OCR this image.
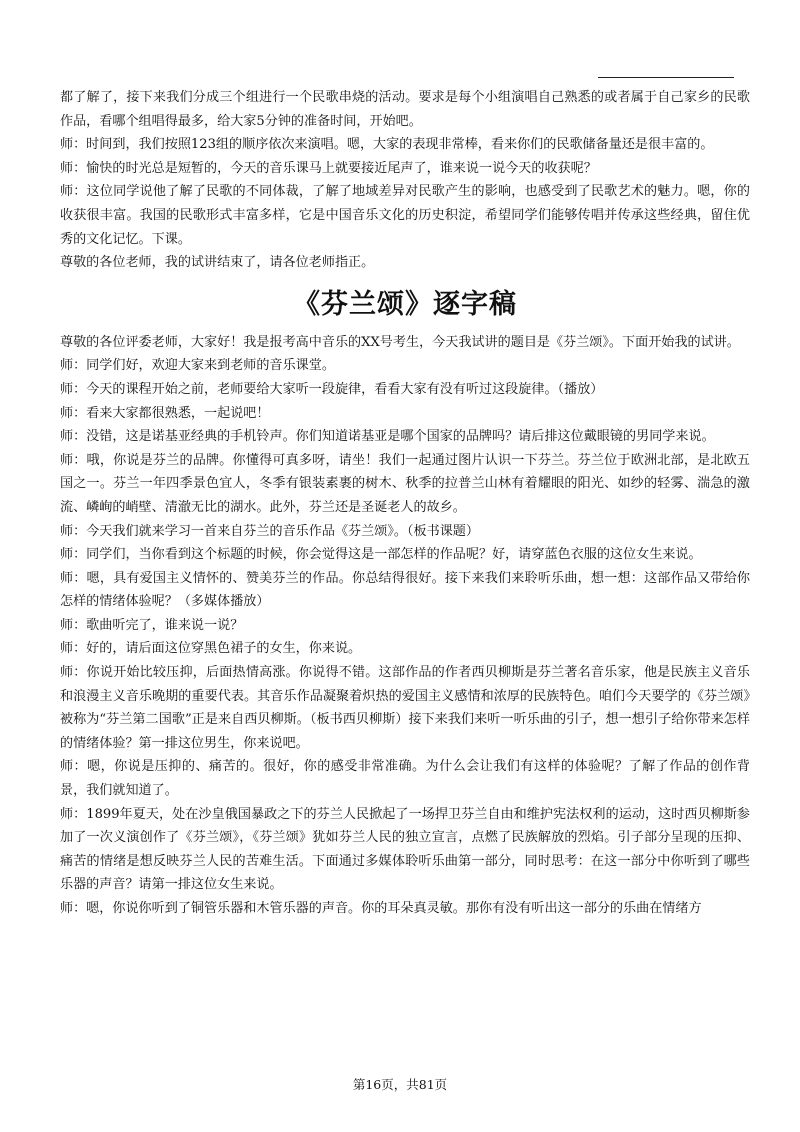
都了解了，接下来我们分成三个组进行一个民歌串烧的活动。要求是每个小组演唱自己熟悉的或者属于自己家乡的民歌作品，看哪个组唱得最多，给大家5分钟的准备时间，开始吧。

师：时间到，我们按照123组的顺序依次来演唱。嗯，大家的表现非常棒，看来你们的民歌储备量还是很丰富的。

师：愉快的时光总是短暂的，今天的音乐课马上就要接近尾声了，谁来说一说今天的收获呢？

师：这位同学说他了解了民歌的不同体裁，了解了地域差异对民歌产生的影响，也感受到了民歌艺术的魅力。嗯，你的收获很丰富。我国的民歌形式丰富多样，它是中国音乐文化的历史积淀，希望同学们能够传唱并传承这些经典，留住优秀的文化记忆。下课。

尊敬的各位老师，我的试讲结束了，请各位老师指正。

《芬兰颂》逐字稿

尊敬的各位评委老师，大家好！我是报考高中音乐的XX号考生，今天我试讲的题目是《芬兰颂》。下面开始我的试讲。

师：同学们好，欢迎大家来到老师的音乐课堂。

师：今天的课程开始之前，老师要给大家听一段旋律，看看大家有没有听过这段旋律。（播放）

师：看来大家都很熟悉，一起说吧！

师：没错，这是诺基亚经典的手机铃声。你们知道诺基亚是哪个国家的品牌吗？请后排这位戴眼镜的男同学来说。

师：哦，你说是芬兰的品牌。你懂得可真多呀，请坐！我们一起通过图片认识一下芬兰。芬兰位于欧洲北部，是北欧五国之一。芬兰一年四季景色宜人，冬季有银装素裹的树木、秋季的拉普兰山林有着耀眼的阳光、如纱的轻雾、湍急的激流、嶙峋的峭壁、清澈无比的湖水。此外，芬兰还是圣诞老人的故乡。

师：今天我们就来学习一首来自芬兰的音乐作品《芬兰颂》。（板书课题）

师：同学们，当你看到这个标题的时候，你会觉得这是一部怎样的作品呢？好，请穿蓝色衣服的这位女生来说。

师：嗯，具有爱国主义情怀的、赞美芬兰的作品。你总结得很好。接下来我们来聆听乐曲，想一想：这部作品又带给你怎样的情绪体验呢？（多媒体播放）

师：歌曲听完了，谁来说一说？

师：好的，请后面这位穿黑色裙子的女生，你来说。

师：你说开始比较压抑，后面热情高涨。你说得不错。这部作品的作者西贝柳斯是芬兰著名音乐家，他是民族主义音乐和浪漫主义音乐晚期的重要代表。其音乐作品凝聚着炽热的爱国主义感情和浓厚的民族特色。咱们今天要学的《芬兰颂》被称为“芬兰第二国歌”正是来自西贝柳斯。（板书西贝柳斯）接下来我们来听一听乐曲的引子，想一想引子给你带来怎样的情绪体验？第一排这位男生，你来说吧。

师：嗯，你说是压抑的、痛苦的。很好，你的感受非常准确。为什么会让我们有这样的体验呢？了解了作品的创作背景，我们就知道了。

师：1899年夏天，处在沙皇俄国暴政之下的芬兰人民掀起了一场捍卫芬兰自由和维护宪法权利的运动，这时西贝柳斯参加了一次义演创作了《芬兰颂》，《芬兰颂》犹如芬兰人民的独立宣言，点燃了民族解放的烈焰。引子部分呈现的压抑、痛苦的情绪是想反映芬兰人民的苦难生活。下面通过多媒体聆听乐曲第一部分，同时思考：在这一部分中你听到了哪些乐器的声音？请第一排这位女生来说。

师：嗯，你说你听到了铜管乐器和木管乐器的声音。你的耳朵真灵敏。那你有没有听出这一部分的乐曲在情绪方

第16页，共81页
